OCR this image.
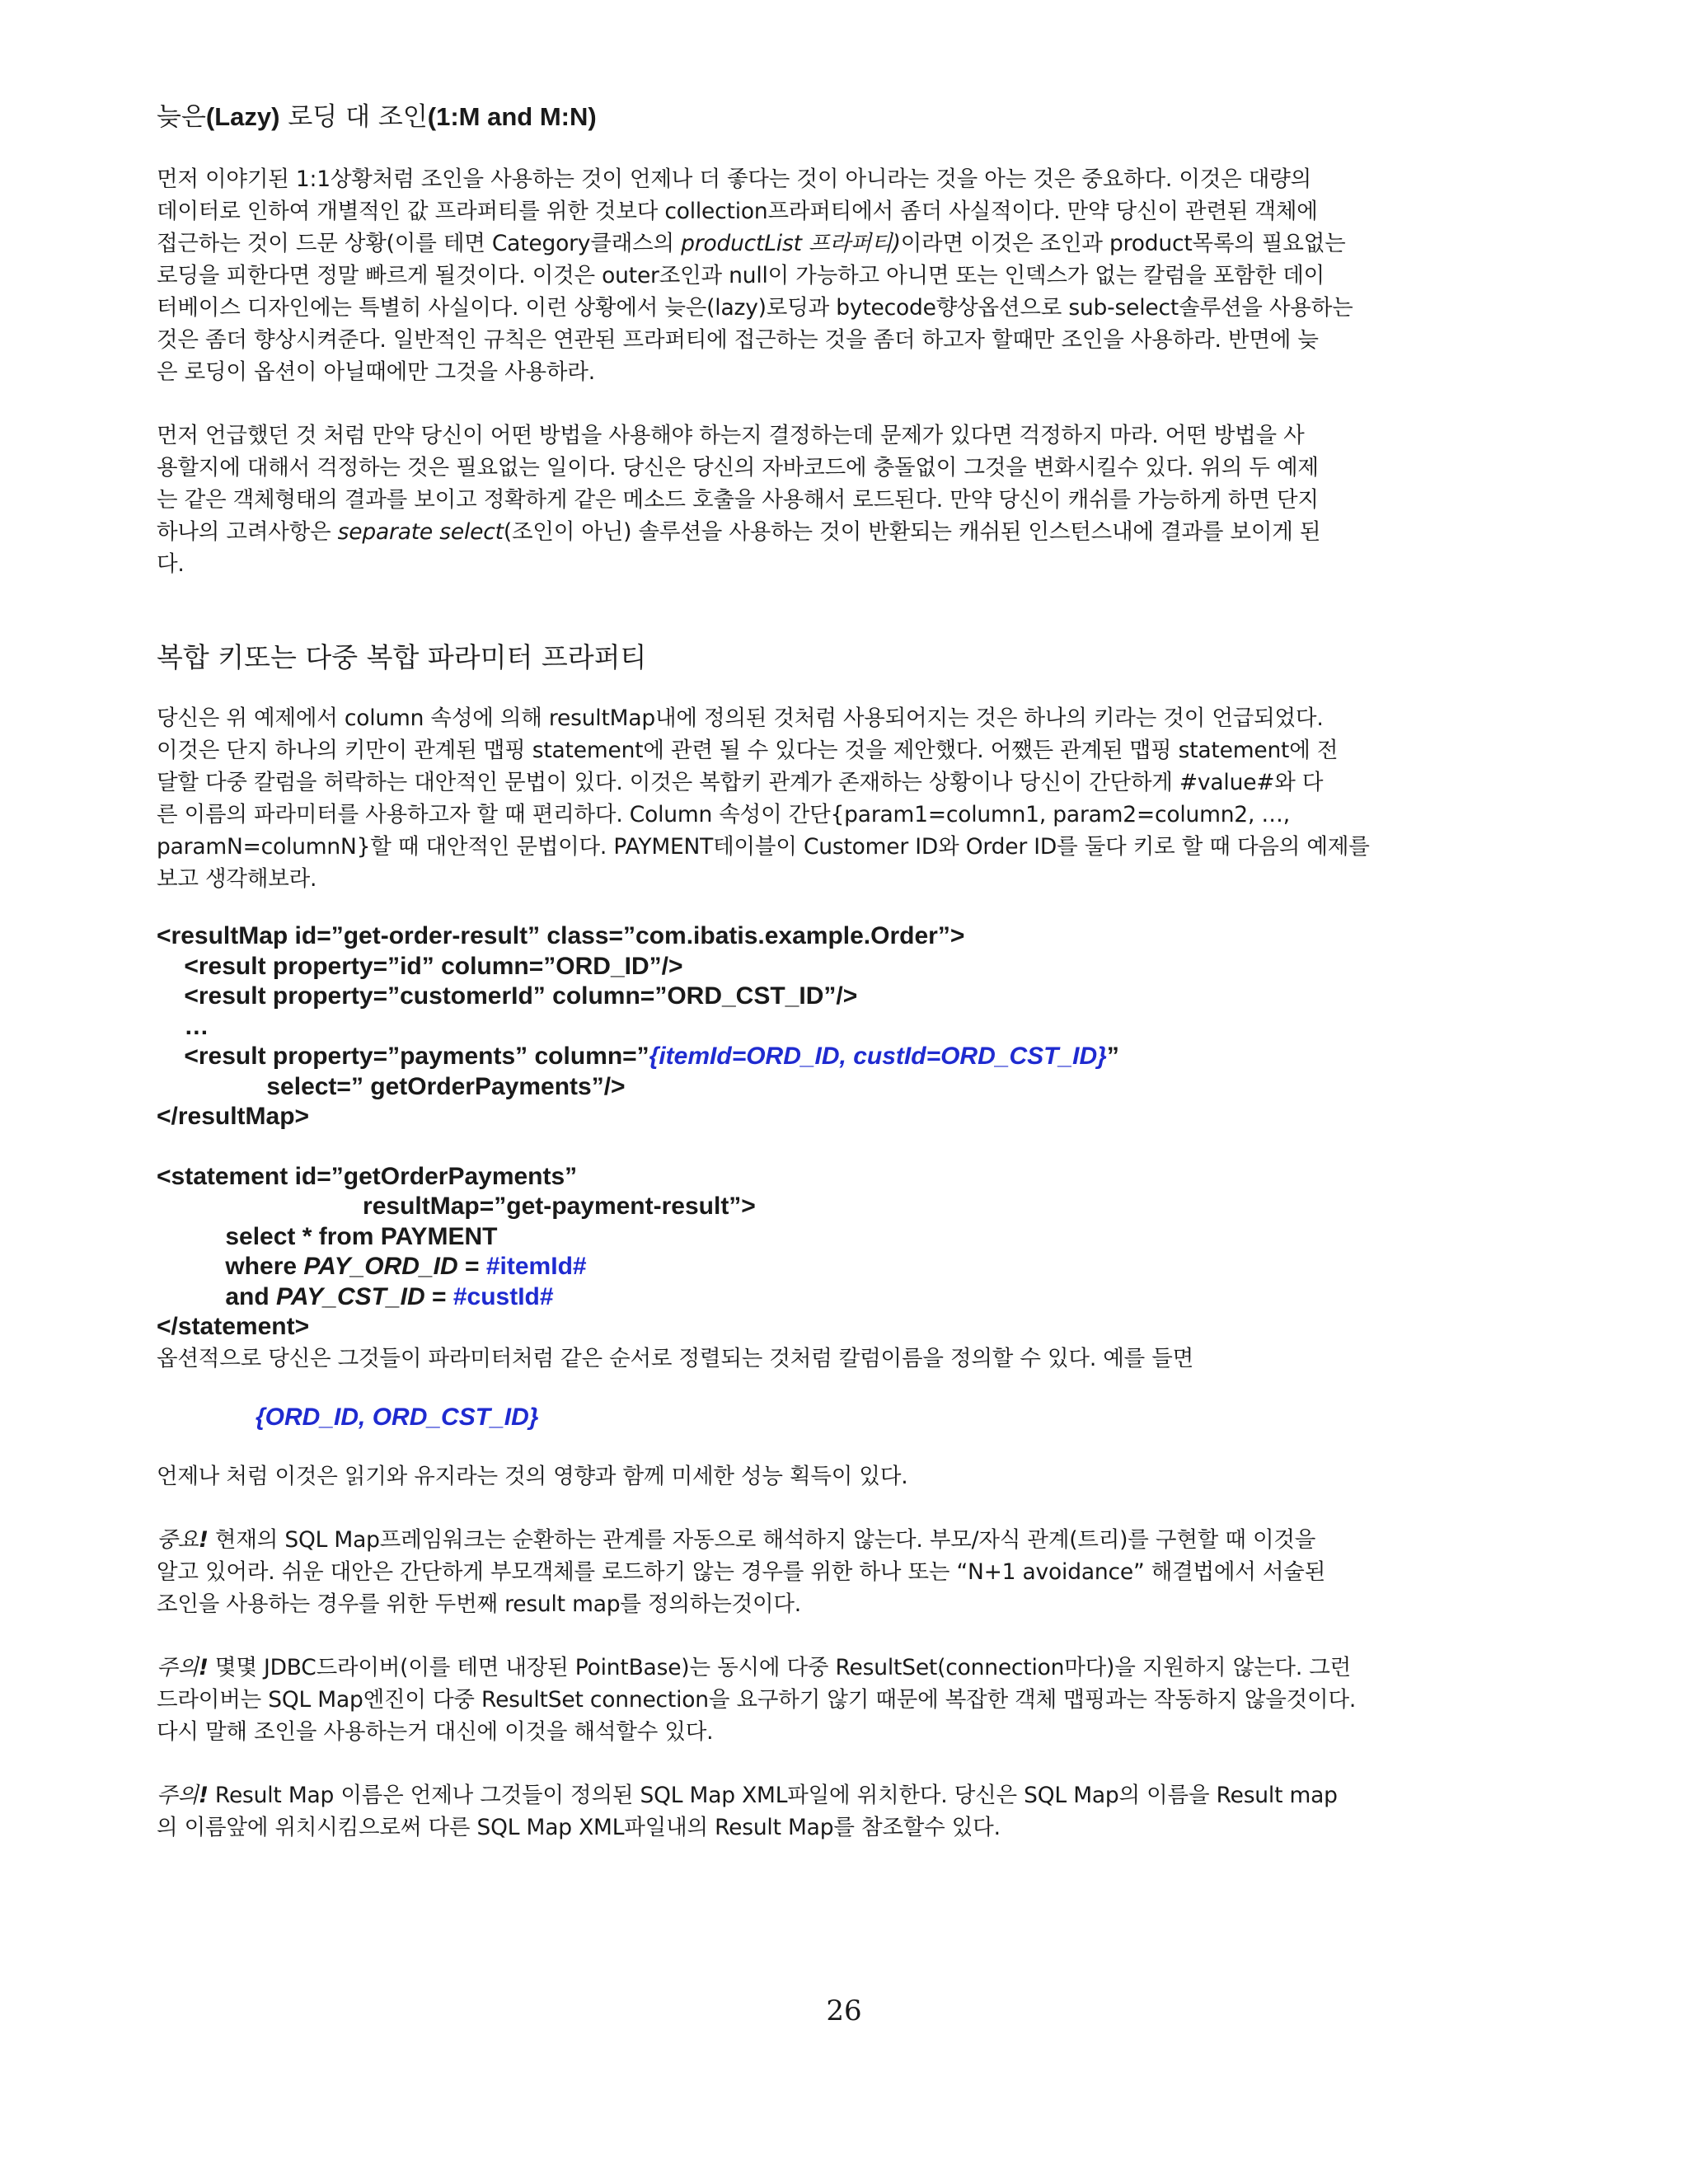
늦은(Lazy) 로딩 대 조인(1:M and M:N)
먼저 이야기된 1:1상황처럼 조인을 사용하는 것이 언제나 더 좋다는 것이 아니라는 것을 아는 것은 중요하다. 이것은 대량의
데이터로 인하여 개별적인 값 프라퍼티를 위한 것보다 collection프라퍼티에서 좀더 사실적이다. 만약 당신이 관련된 객체에
접근하는 것이 드문 상황(이를 테면 Category클래스의 productList 프라퍼티)이라면 이것은 조인과 product목록의 필요없는
로딩을 피한다면 정말 빠르게 될것이다. 이것은 outer조인과 null이 가능하고 아니면 또는 인덱스가 없는 칼럼을 포함한 데이
터베이스 디자인에는 특별히 사실이다. 이런 상황에서 늦은(lazy)로딩과 bytecode향상옵션으로 sub-select솔루션을 사용하는
것은 좀더 향상시켜준다. 일반적인 규칙은 연관된 프라퍼티에 접근하는 것을 좀더 하고자 할때만 조인을 사용하라. 반면에 늦
은 로딩이 옵션이 아닐때에만 그것을 사용하라.
먼저 언급했던 것 처럼 만약 당신이 어떤 방법을 사용해야 하는지 결정하는데 문제가 있다면 걱정하지 마라. 어떤 방법을 사
용할지에 대해서 걱정하는 것은 필요없는 일이다. 당신은 당신의 자바코드에 충돌없이 그것을 변화시킬수 있다. 위의 두 예제
는 같은 객체형태의 결과를 보이고 정확하게 같은 메소드 호출을 사용해서 로드된다. 만약 당신이 캐쉬를 가능하게 하면 단지
하나의 고려사항은 separate select(조인이 아닌) 솔루션을 사용하는 것이 반환되는 캐쉬된 인스턴스내에 결과를 보이게 된
다.
복합 키또는 다중 복합 파라미터 프라퍼티
당신은 위 예제에서 column 속성에 의해 resultMap내에 정의된 것처럼 사용되어지는 것은 하나의 키라는 것이 언급되었다.
이것은 단지 하나의 키만이 관계된 맵핑 statement에 관련 될 수 있다는 것을 제안했다. 어쨌든 관계된 맵핑 statement에 전
달할 다중 칼럼을 허락하는 대안적인 문법이 있다. 이것은 복합키 관계가 존재하는 상황이나 당신이 간단하게 #value#와 다
른 이름의 파라미터를 사용하고자 할 때 편리하다. Column 속성이 간단{param1=column1, param2=column2, …,
paramN=columnN}할 때 대안적인 문법이다. PAYMENT테이블이 Customer ID와 Order ID를 둘다 키로 할 때 다음의 예제를
보고 생각해보라.
<resultMap id=”get-order-result” class=”com.ibatis.example.Order”>
<result property=”id” column=”ORD_ID”/>
<result property=”customerId” column=”ORD_CST_ID”/>
…
<result property=”payments” column=”{itemId=ORD_ID, custId=ORD_CST_ID}”
select=” getOrderPayments”/>
</resultMap>
<statement id=”getOrderPayments”
resultMap=”get-payment-result”>
select * from PAYMENT
where PAY_ORD_ID = #itemId#
and PAY_CST_ID = #custId#
</statement>
옵션적으로 당신은 그것들이 파라미터처럼 같은 순서로 정렬되는 것처럼 칼럼이름을 정의할 수 있다. 예를 들면
{ORD_ID, ORD_CST_ID}
언제나 처럼 이것은 읽기와 유지라는 것의 영향과 함께 미세한 성능 획득이 있다.
중요! 현재의 SQL Map프레임워크는 순환하는 관계를 자동으로 해석하지 않는다. 부모/자식 관계(트리)를 구현할 때 이것을
알고 있어라. 쉬운 대안은 간단하게 부모객체를 로드하기 않는 경우를 위한 하나 또는 “N+1 avoidance” 해결법에서 서술된
조인을 사용하는 경우를 위한 두번째 result map를 정의하는것이다.
주의! 몇몇 JDBC드라이버(이를 테면 내장된 PointBase)는 동시에 다중 ResultSet(connection마다)을 지원하지 않는다. 그런
드라이버는 SQL Map엔진이 다중 ResultSet connection을 요구하기 않기 때문에 복잡한 객체 맵핑과는 작동하지 않을것이다.
다시 말해 조인을 사용하는거 대신에 이것을 해석할수 있다.
주의! Result Map 이름은 언제나 그것들이 정의된 SQL Map XML파일에 위치한다. 당신은 SQL Map의 이름을 Result map
의 이름앞에 위치시킴으로써 다른 SQL Map XML파일내의 Result Map를 참조할수 있다.
26
